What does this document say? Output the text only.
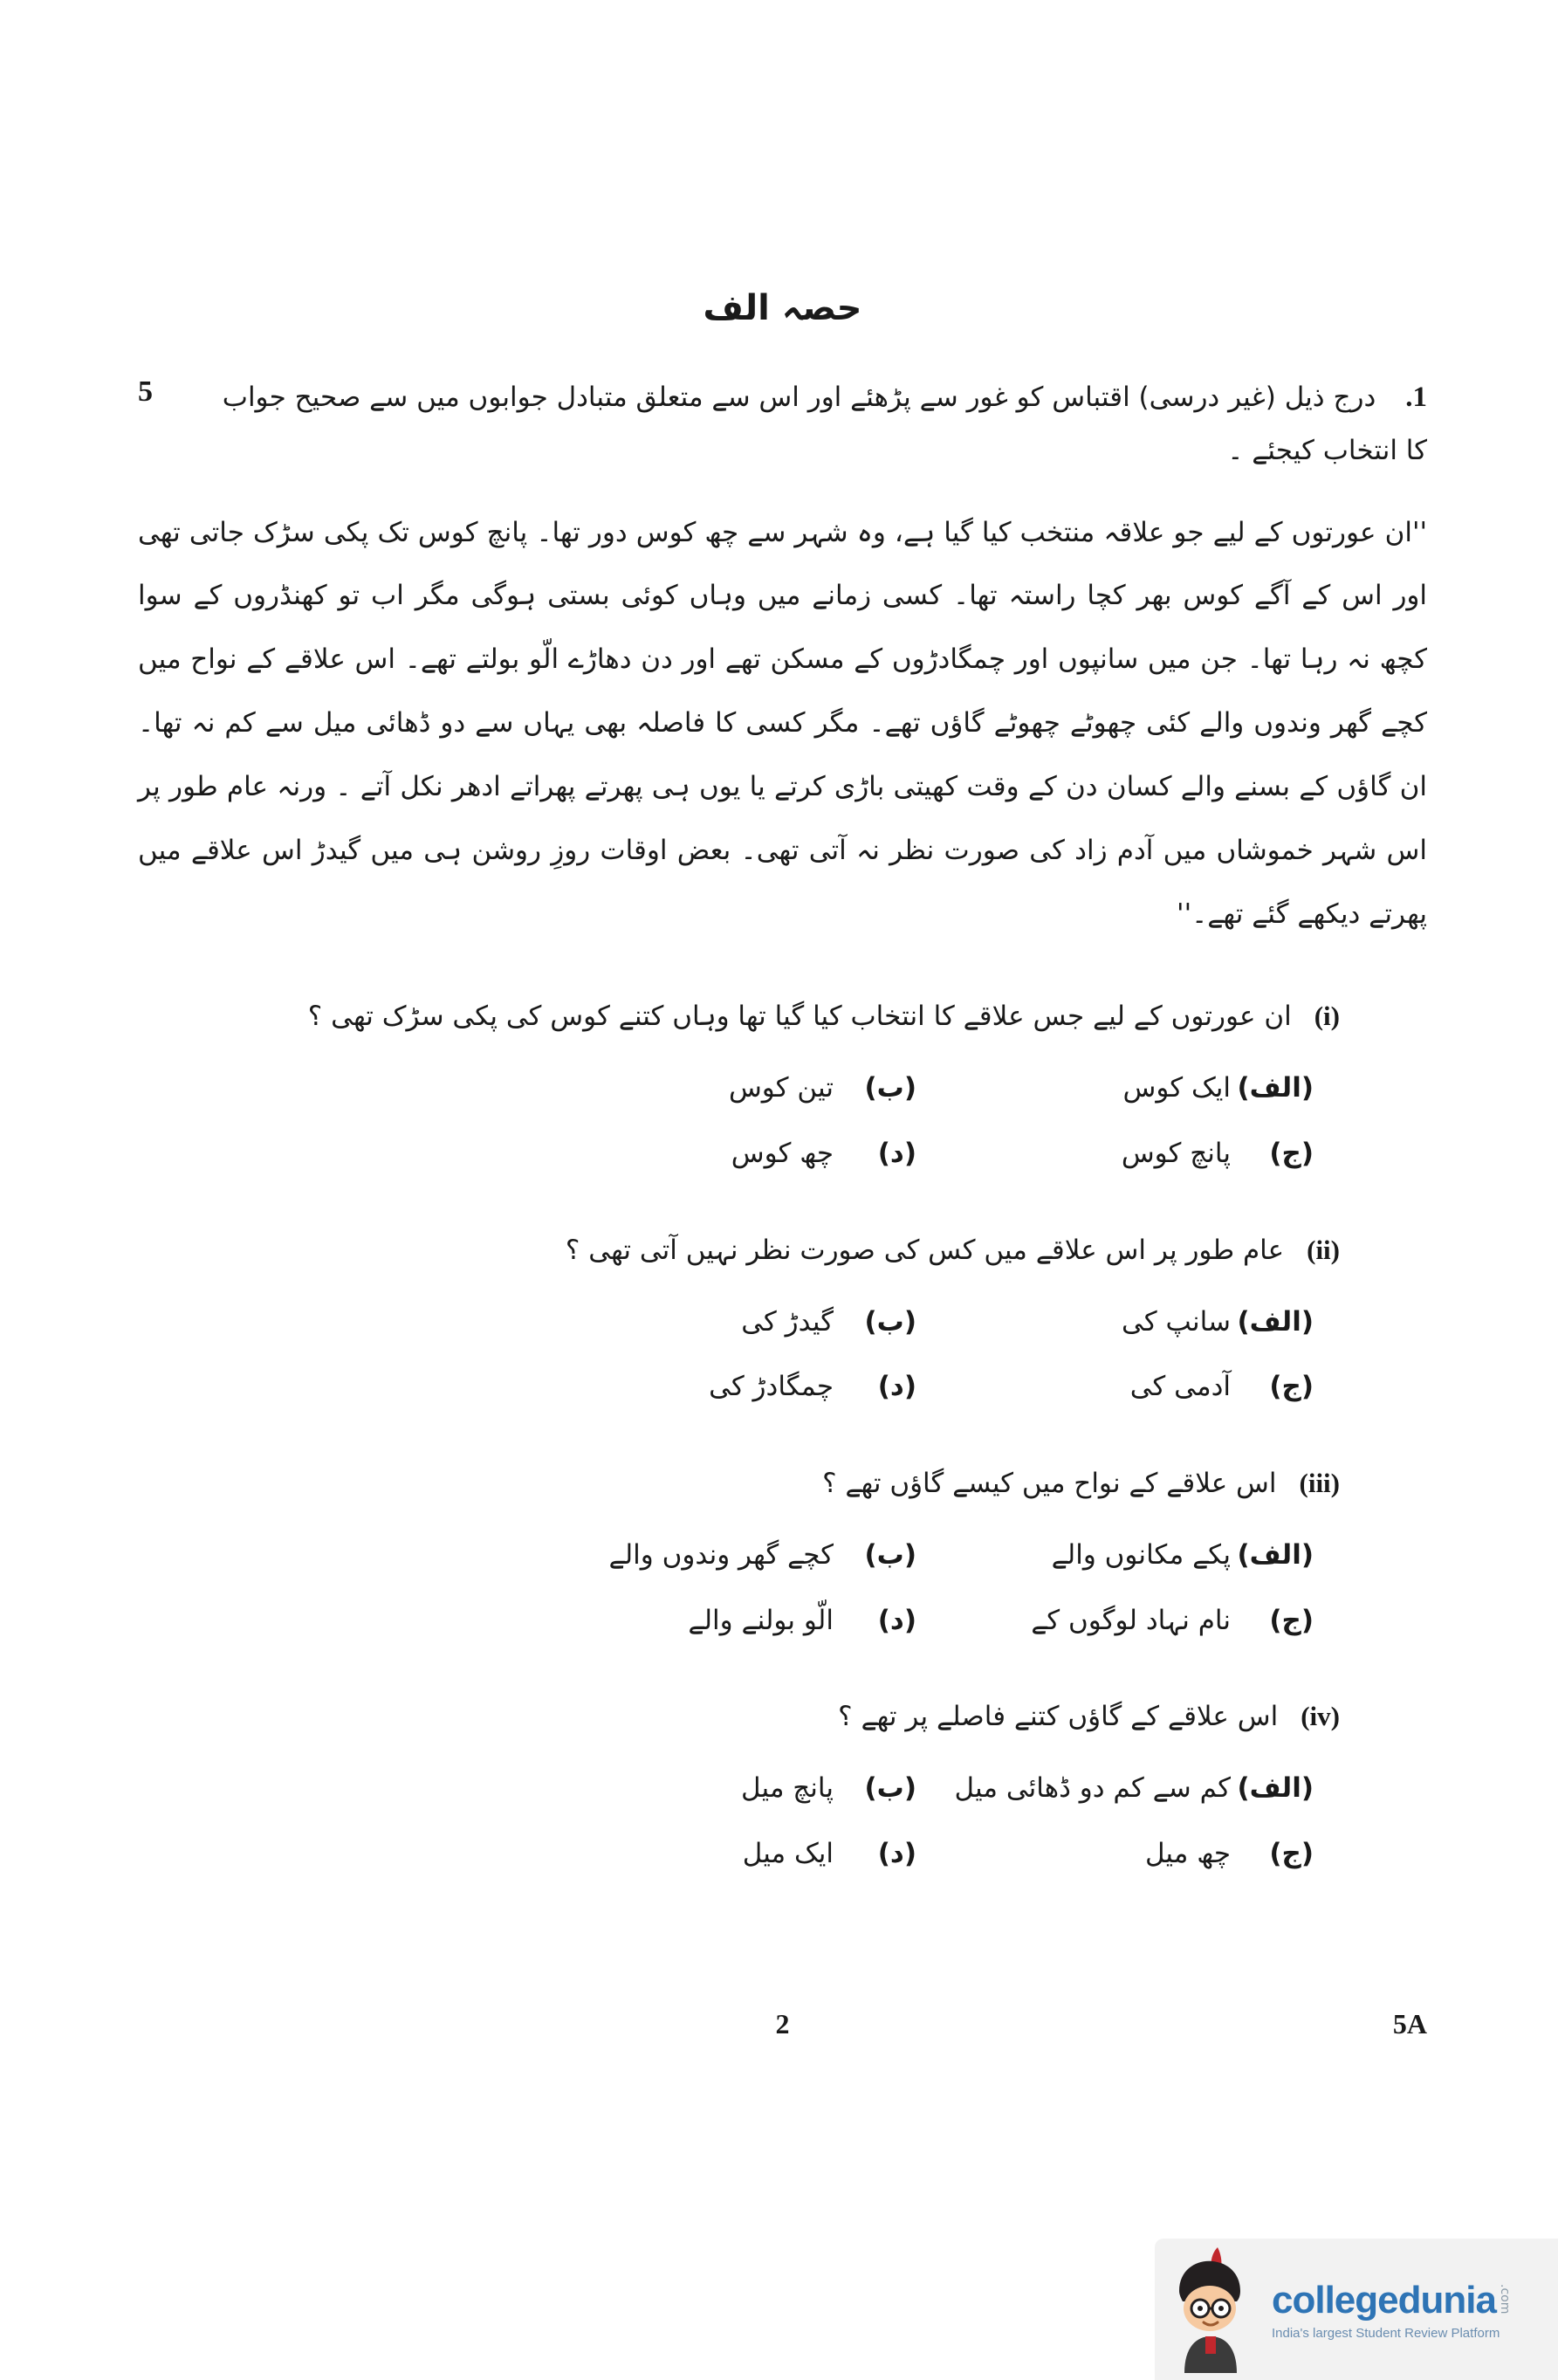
حصہ الف
5	1.درج ذیل (غیر درسی) اقتباس کو غور سے پڑھئے اور اس سے متعلق متبادل جوابوں میں سے صحیح جواب کا انتخاب کیجئے ۔
''ان عورتوں کے لیے جو علاقہ منتخب کیا گیا ہے، وہ شہر سے چھ کوس دور تھا۔ پانچ کوس تک پکی سڑک جاتی تھی اور اس کے آگے کوس بھر کچا راستہ تھا۔ کسی زمانے میں وہاں کوئی بستی ہوگی مگر اب تو کھنڈروں کے سوا کچھ نہ رہا تھا۔ جن میں سانپوں اور چمگادڑوں کے مسکن تھے اور دن دھاڑے الّو بولتے تھے۔ اس علاقے کے نواح میں کچے گھر وندوں والے کئی چھوٹے چھوٹے گاؤں تھے۔ مگر کسی کا فاصلہ بھی یہاں سے دو ڈھائی میل سے کم نہ تھا۔ ان گاؤں کے بسنے والے کسان دن کے وقت کھیتی باڑی کرتے یا یوں ہی پھرتے پھراتے ادھر نکل آتے ۔ ورنہ عام طور پر اس شہر خموشاں میں آدم زاد کی صورت نظر نہ آتی تھی۔ بعض اوقات روزِ روشن ہی میں گیدڑ اس علاقے میں پھرتے دیکھے گئے تھے۔''
(i)ان عورتوں کے لیے جس علاقے کا انتخاب کیا گیا تھا وہاں کتنے کوس کی پکی سڑک تھی ؟
(الف)
ایک کوس
(ب)
تین کوس
(ج)
پانچ کوس
(د)
چھ کوس
(ii)عام طور پر اس علاقے میں کس کی صورت نظر نہیں آتی تھی ؟
(الف)
سانپ کی
(ب)
گیدڑ کی
(ج)
آدمی کی
(د)
چمگادڑ کی
(iii)اس علاقے کے نواح میں کیسے گاؤں تھے ؟
(الف)
پکے مکانوں والے
(ب)
کچے گھر وندوں والے
(ج)
نام نہاد لوگوں کے
(د)
الّو بولنے والے
(iv)اس علاقے کے گاؤں کتنے فاصلے پر تھے ؟
(الف)
کم سے کم دو ڈھائی میل
(ب)
پانچ میل
(ج)
چھ میل
(د)
ایک میل
2	5A
collegedunia .com
India's largest Student Review Platform
